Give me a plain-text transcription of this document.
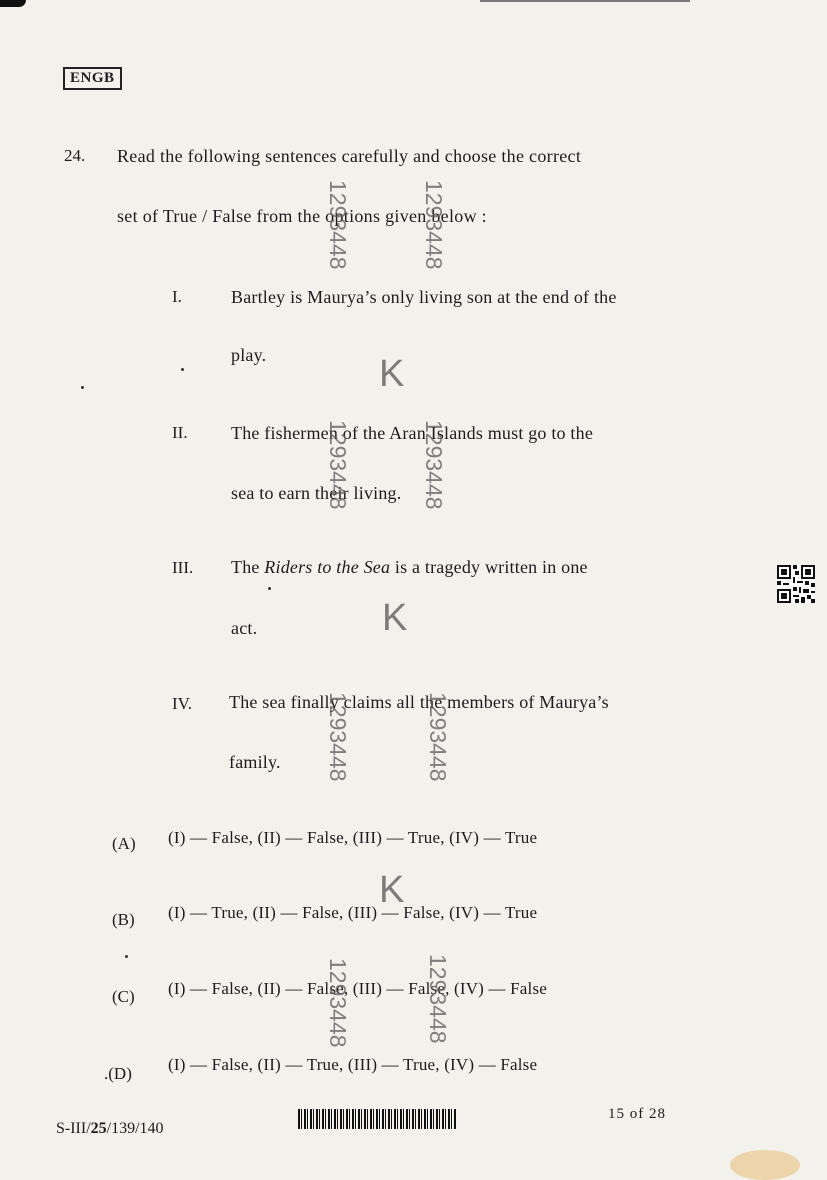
ENGB
24. Read the following sentences carefully and choose the correct
set of True / False from the options given below :
I.	Bartley is Maurya’s only living son at the end of the
play.
II. The fishermen of the Aran Islands must go to the
sea to earn their living.
III. The Riders to the Sea is a tragedy written in one
act.
IV. The sea finally claims all the members of Maurya’s
family.
(A) (I) — False, (II) — False, (III) — True, (IV) — True
(B) (I) — True, (II) — False, (III) — False, (IV) — True
(C) (I) — False, (II) — False, (III) — False, (IV) — False
.(D) (I) — False, (II) — True, (III) — True, (IV) — False
1293448	1293448
K
1293448	1293448
K
1293448	1293448
K
1293448	1293448
S-III/25/139/140
15 of 28
